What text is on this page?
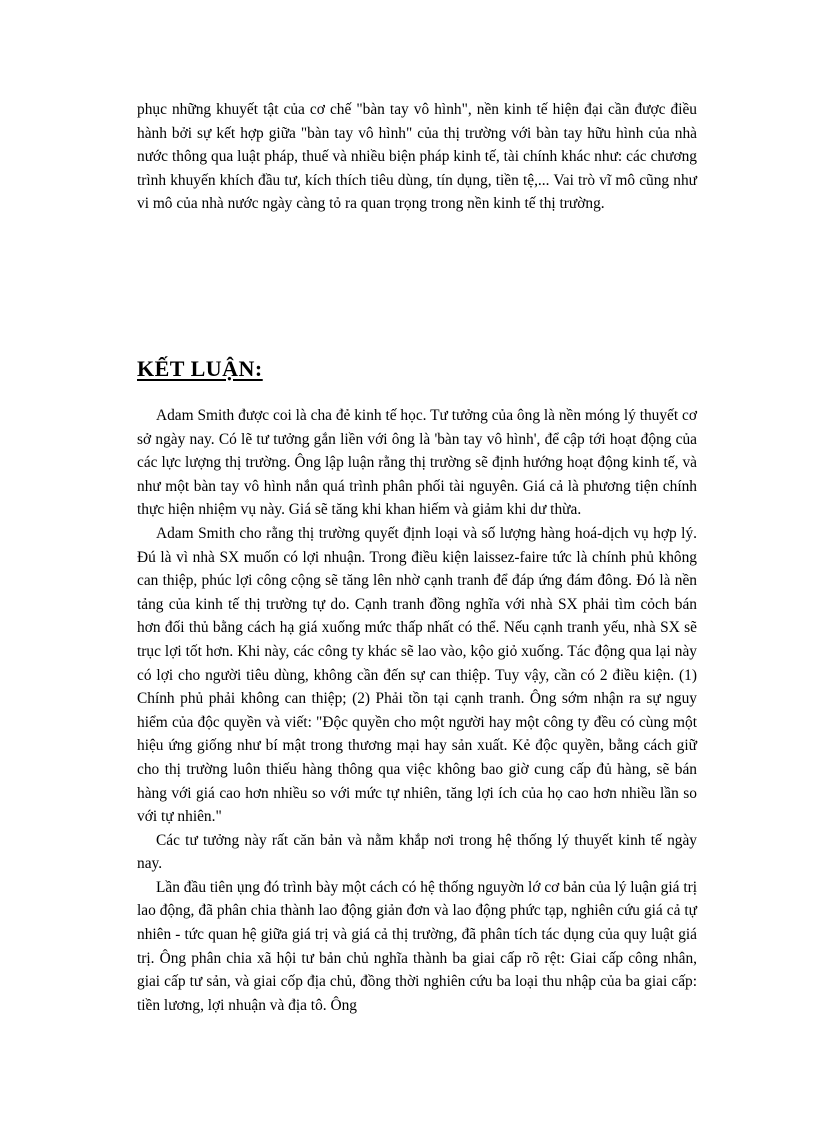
phục những khuyết tật của cơ chế "bàn tay vô hình", nền kinh tế hiện đại cần được điều hành bởi sự kết hợp giữa "bàn tay vô hình" của thị trường với bàn tay hữu hình của nhà nước thông qua luật pháp, thuế và nhiều biện pháp kinh tế, tài chính khác như: các chương trình khuyến khích đầu tư, kích thích tiêu dùng, tín dụng, tiền tệ,... Vai trò vĩ mô cũng như vi mô của nhà nước ngày càng tỏ ra quan trọng trong nền kinh tế thị trường.

KẾT LUẬN:

Adam Smith được coi là cha đẻ kinh tế học. Tư tưởng của ông là nền móng lý thuyết cơ sở ngày nay. Có lẽ tư tưởng gắn liền với ông là 'bàn tay vô hình', để cập tới hoạt động của các lực lượng thị trường. Ông lập luận rằng thị trường sẽ định hướng hoạt động kinh tế, và như một bàn tay vô hình nắn quá trình phân phối tài nguyên. Giá cả là phương tiện chính thực hiện nhiệm vụ này. Giá sẽ tăng khi khan hiếm và giảm khi dư thừa.

Adam Smith cho rằng thị trường quyết định loại và số lượng hàng hoá-dịch vụ hợp lý. Đú là vì nhà SX muốn có lợi nhuận. Trong điều kiện laissez-faire tức là chính phủ không can thiệp, phúc lợi công cộng sẽ tăng lên nhờ cạnh tranh để đáp ứng đám đông. Đó là nền tảng của kinh tế thị trường tự do. Cạnh tranh đồng nghĩa với nhà SX phải tìm cỏch bán hơn đối thủ bằng cách hạ giá xuống mức thấp nhất có thể. Nếu cạnh tranh yếu, nhà SX sẽ trục lợi tốt hơn. Khi này, các công ty khác sẽ lao vào, kộo giỏ xuống. Tác động qua lại này có lợi cho người tiêu dùng, không cần đến sự can thiệp. Tuy vậy, cần có 2 điều kiện. (1) Chính phủ phải không can thiệp; (2) Phải tồn tại cạnh tranh. Ông sớm nhận ra sự nguy hiểm của độc quyền và viết: "Độc quyền cho một người hay một công ty đều có cùng một hiệu ứng giống như bí mật trong thương mại hay sản xuất. Kẻ độc quyền, bằng cách giữ cho thị trường luôn thiếu hàng thông qua việc không bao giờ cung cấp đủ hàng, sẽ bán hàng với giá cao hơn nhiều so với mức tự nhiên, tăng lợi ích của họ cao hơn nhiều lần so với tự nhiên."

Các tư tưởng này rất căn bản và nằm khắp nơi trong hệ thống lý thuyết kinh tế ngày nay.

Lần đầu tiên ụng đó trình bày một cách có hệ thống nguyờn lớ cơ bản của lý luận giá trị lao động, đã phân chia thành lao động giản đơn và lao động phức tạp, nghiên cứu giá cả tự nhiên - tức quan hệ giữa giá trị và giá cả thị trường, đã phân tích tác dụng của quy luật giá trị. Ông phân chia xã hội tư bản chủ nghĩa thành ba giai cấp rõ rệt: Giai cấp công nhân, giai cấp tư sản, và giai cốp địa chủ, đồng thời nghiên cứu ba loại thu nhập của ba giai cấp: tiền lương, lợi nhuận và địa tô. Ông
